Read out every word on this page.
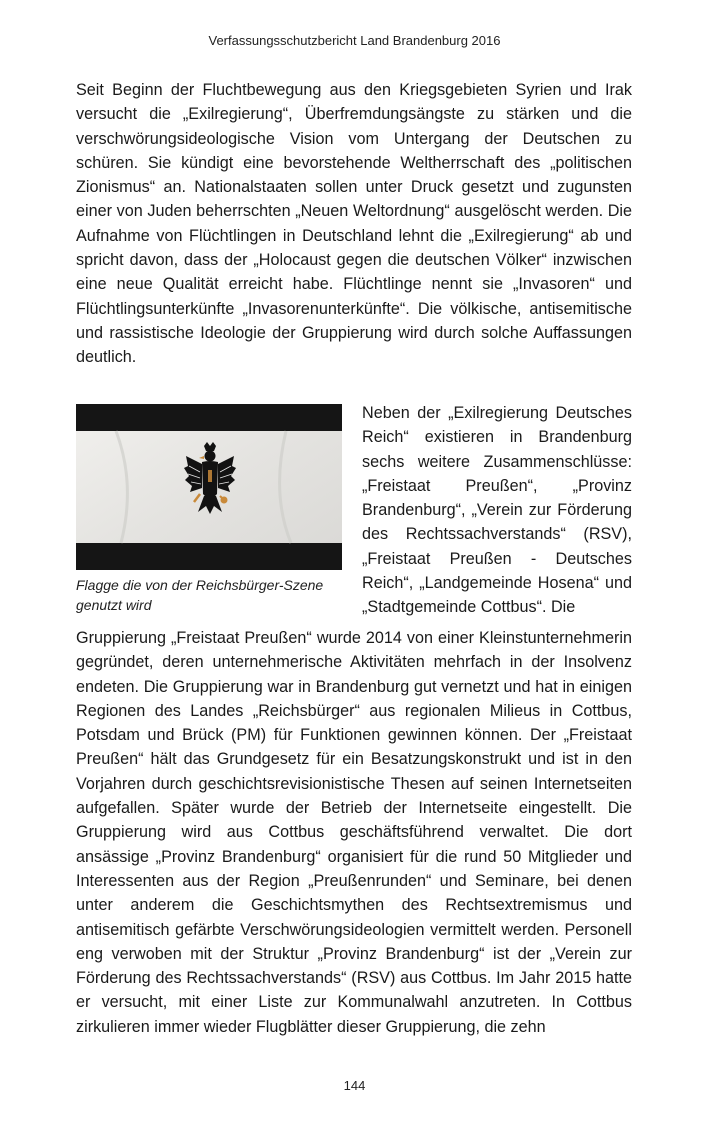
Verfassungsschutzbericht Land Brandenburg 2016

Seit Beginn der Fluchtbewegung aus den Kriegsgebieten Syrien und Irak versucht die „Exilregierung“, Überfremdungsängste zu stärken und die verschwörungsideologische Vision vom Untergang der Deutschen zu schüren. Sie kündigt eine bevorstehende Weltherrschaft des „politischen Zionismus“ an. Nationalstaaten sollen unter Druck gesetzt und zugunsten einer von Juden beherrschten „Neuen Weltordnung“ ausgelöscht werden. Die Aufnahme von Flüchtlingen in Deutschland lehnt die „Exilregierung“ ab und spricht davon, dass der „Holocaust gegen die deutschen Völker“ inzwischen eine neue Qualität erreicht habe. Flüchtlinge nennt sie „Invasoren“ und Flüchtlingsunterkünfte „Invasorenunterkünfte“. Die völkische, antisemitische und rassistische Ideologie der Gruppierung wird durch solche Auffassungen deutlich.

Flagge die von der Reichsbürger-Szene genutzt wird

Neben der „Exilregierung Deutsches Reich“ existieren in Brandenburg sechs weitere Zusammenschlüsse: „Freistaat Preußen“, „Provinz Brandenburg“, „Verein zur Förderung des Rechtssachverstands“ (RSV), „Freistaat Preußen - Deutsches Reich“, „Landgemeinde Hosena“ und „Stadtgemeinde Cottbus“. Die

Gruppierung „Freistaat Preußen“ wurde 2014 von einer Kleinstunternehmerin gegründet, deren unternehmerische Aktivitäten mehrfach in der Insolvenz endeten. Die Gruppierung war in Brandenburg gut vernetzt und hat in einigen Regionen des Landes „Reichsbürger“ aus regionalen Milieus in Cottbus, Potsdam und Brück (PM) für Funktionen gewinnen können. Der „Freistaat Preußen“ hält das Grundgesetz für ein Besatzungskonstrukt und ist in den Vorjahren durch geschichtsrevisionistische Thesen auf seinen Internetseiten aufgefallen. Später wurde der Betrieb der Internetseite eingestellt. Die Gruppierung wird aus Cottbus geschäftsführend verwaltet. Die dort ansässige „Provinz Brandenburg“ organisiert für die rund 50 Mitglieder und Interessenten aus der Region „Preußenrunden“ und Seminare, bei denen unter anderem die Geschichtsmythen des Rechtsextremismus und antisemitisch gefärbte Verschwörungsideologien vermittelt werden. Personell eng verwoben mit der Struktur „Provinz Brandenburg“ ist der „Verein zur Förderung des Rechtssachverstands“ (RSV) aus Cottbus. Im Jahr 2015 hatte er versucht, mit einer Liste zur Kommunalwahl anzutreten. In Cottbus zirkulieren immer wieder Flugblätter dieser Gruppierung, die zehn

144
